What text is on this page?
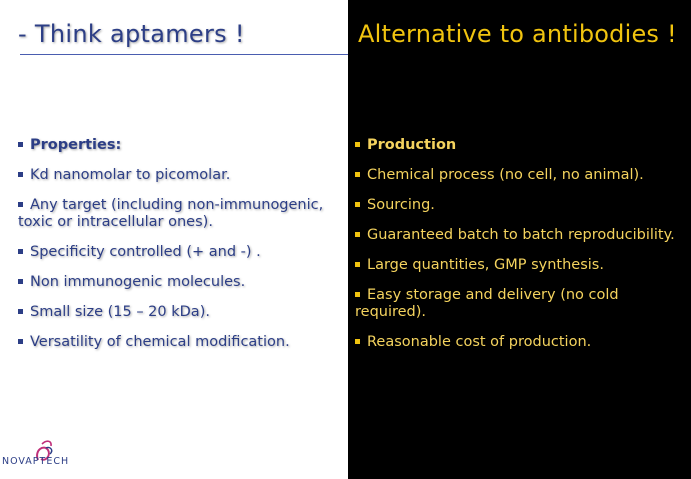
- Think aptamers !
Properties:
Kd nanomolar to picomolar.
Any target (including non-immunogenic, toxic or intracellular ones).
Specificity controlled (+ and -) .
Non immunogenic molecules.
Small size (15 – 20 kDa).
Versatility of chemical modification.
NOVAPTECH
Alternative to antibodies !
Production
Chemical process (no cell, no animal).
Sourcing.
Guaranteed batch to batch reproducibility.
Large quantities, GMP synthesis.
Easy storage and delivery (no cold required).
Reasonable cost of production.
